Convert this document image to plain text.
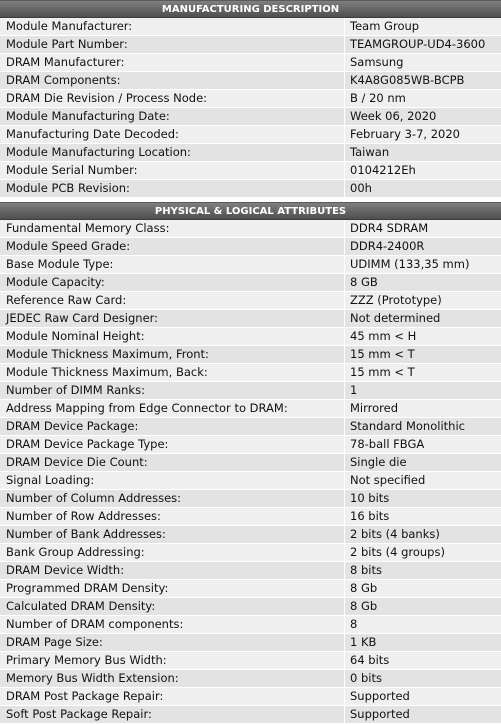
MANUFACTURING DESCRIPTION
Module Manufacturer:	Team Group
Module Part Number:	TEAMGROUP-UD4-3600
DRAM Manufacturer:	Samsung
DRAM Components:	K4A8G085WB-BCPB
DRAM Die Revision / Process Node:	B / 20 nm
Module Manufacturing Date:	Week 06, 2020
Manufacturing Date Decoded:	February 3-7, 2020
Module Manufacturing Location:	Taiwan
Module Serial Number:	0104212Eh
Module PCB Revision:	00h
PHYSICAL & LOGICAL ATTRIBUTES
Fundamental Memory Class:	DDR4 SDRAM
Module Speed Grade:	DDR4-2400R
Base Module Type:	UDIMM (133,35 mm)
Module Capacity:	8 GB
Reference Raw Card:	ZZZ (Prototype)
JEDEC Raw Card Designer:	Not determined
Module Nominal Height:	45 mm < H
Module Thickness Maximum, Front:	15 mm < T
Module Thickness Maximum, Back:	15 mm < T
Number of DIMM Ranks:	1
Address Mapping from Edge Connector to DRAM:	Mirrored
DRAM Device Package:	Standard Monolithic
DRAM Device Package Type:	78-ball FBGA
DRAM Device Die Count:	Single die
Signal Loading:	Not specified
Number of Column Addresses:	10 bits
Number of Row Addresses:	16 bits
Number of Bank Addresses:	2 bits (4 banks)
Bank Group Addressing:	2 bits (4 groups)
DRAM Device Width:	8 bits
Programmed DRAM Density:	8 Gb
Calculated DRAM Density:	8 Gb
Number of DRAM components:	8
DRAM Page Size:	1 KB
Primary Memory Bus Width:	64 bits
Memory Bus Width Extension:	0 bits
DRAM Post Package Repair:	Supported
Soft Post Package Repair:	Supported
